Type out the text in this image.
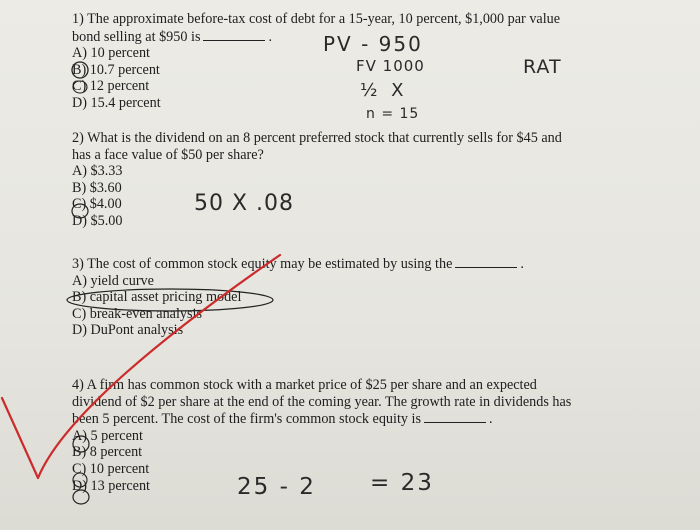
1) The approximate before-tax cost of debt for a 15-year, 10 percent, $1,000 par value
bond selling at $950 is	.
A) 10 percent
B) 10.7 percent
C) 12 percent
D) 15.4 percent
2) What is the dividend on an 8 percent preferred stock that currently sells for $45 and
has a face value of $50 per share?
A) $3.33
B) $3.60
C) $4.00
D) $5.00
3) The cost of common stock equity may be estimated by using the	.
A) yield curve
B) capital asset pricing model
C) break-even analysis
D) DuPont analysis
4) A firm has common stock with a market price of $25 per share and an expected
dividend of $2 per share at the end of the coming year. The growth rate in dividends has
been 5 percent. The cost of the firm's common stock equity is	.
A) 5 percent
B) 8 percent
C) 10 percent
D) 13 percent
PV - 950
FV 1000
½ X
n = 15
RAT
50 X .08
25 - 2 = 23
